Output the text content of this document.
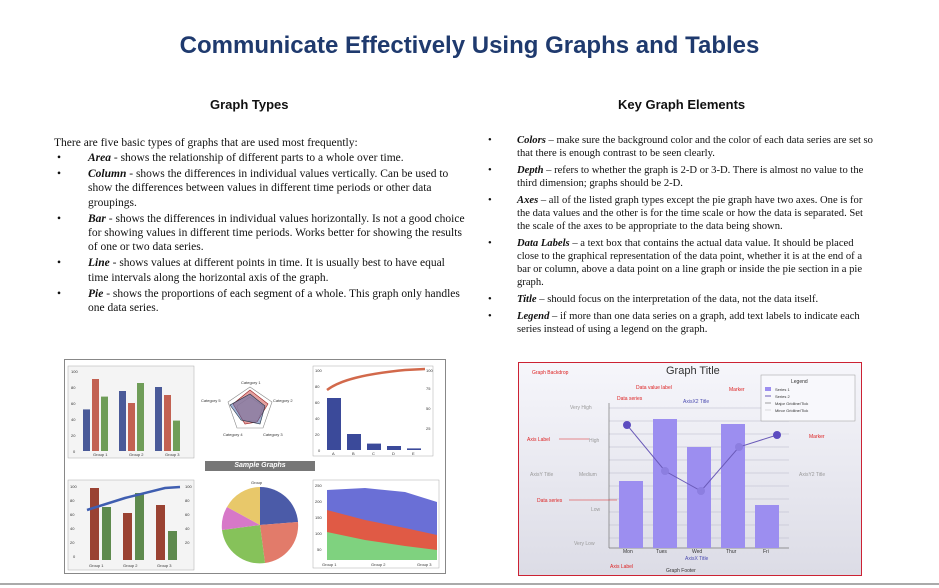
Communicate Effectively Using Graphs and Tables
Graph Types	Key Graph Elements
There are five basic types of graphs that are used most frequently:
• Area - shows the relationship of different parts to a whole over time.
• Column - shows the differences in individual values vertically. Can be used to show the differences between values in different time periods or other data groupings.
• Bar - shows the differences in individual values horizontally. Is not a good choice for showing values in different time periods. Works better for showing the results of one or two data series.
• Line - shows values at different points in time. It is usually best to have equal time intervals along the horizontal axis of the graph.
• Pie - shows the proportions of each segment of a whole. This graph only handles one data series.
• Colors – make sure the background color and the color of each data series are set so that there is enough contrast to be seen clearly.
• Depth – refers to whether the graph is 2-D or 3-D. There is almost no value to the third dimension; graphs should be 2-D.
• Axes – all of the listed graph types except the pie graph have two axes. One is for the data values and the other is for the time scale or how the data is separated. Set the scale of the axes to be appropriate to the data being shown.
• Data Labels – a text box that contains the actual data value. It should be placed close to the graphical representation of the data point, whether it is at the end of a bar or column, above a data point on a line graph or inside the pie section in a pie graph.
• Title – should focus on the interpretation of the data, not the data itself.
• Legend – if more than one data series on a graph, add text labels to indicate each series instead of using a legend on the graph.
100
80
60
40
20
0
Group 1	Group 2	Group 3
Category 1
Category 2
Category 3
Category 4
Category 5
100
80
60
40
20
0
100
75
50
25
A	B	C	D	E
100
80
60
40
20
0
100
80
60
40
20
Group 1	Group 2	Group 3
Group
250
200
150
100
50
Group 1	Group 2	Group 3
Sample Graphs
Graph Title
Graph Backdrop
Data value label
Data series	AxisX2 Title
Marker
Marker
Axis Label
AxisY Title	AxisY2 Title
Data series
Very High
High
Medium
Low
Very Low
Mon	Tues	Wed	Thur	Fri
AxisX Title
Axis Label
Graph Footer
Legend
Series 1
Series 2
Major Gridline/Tick
Minor Gridline/Tick
